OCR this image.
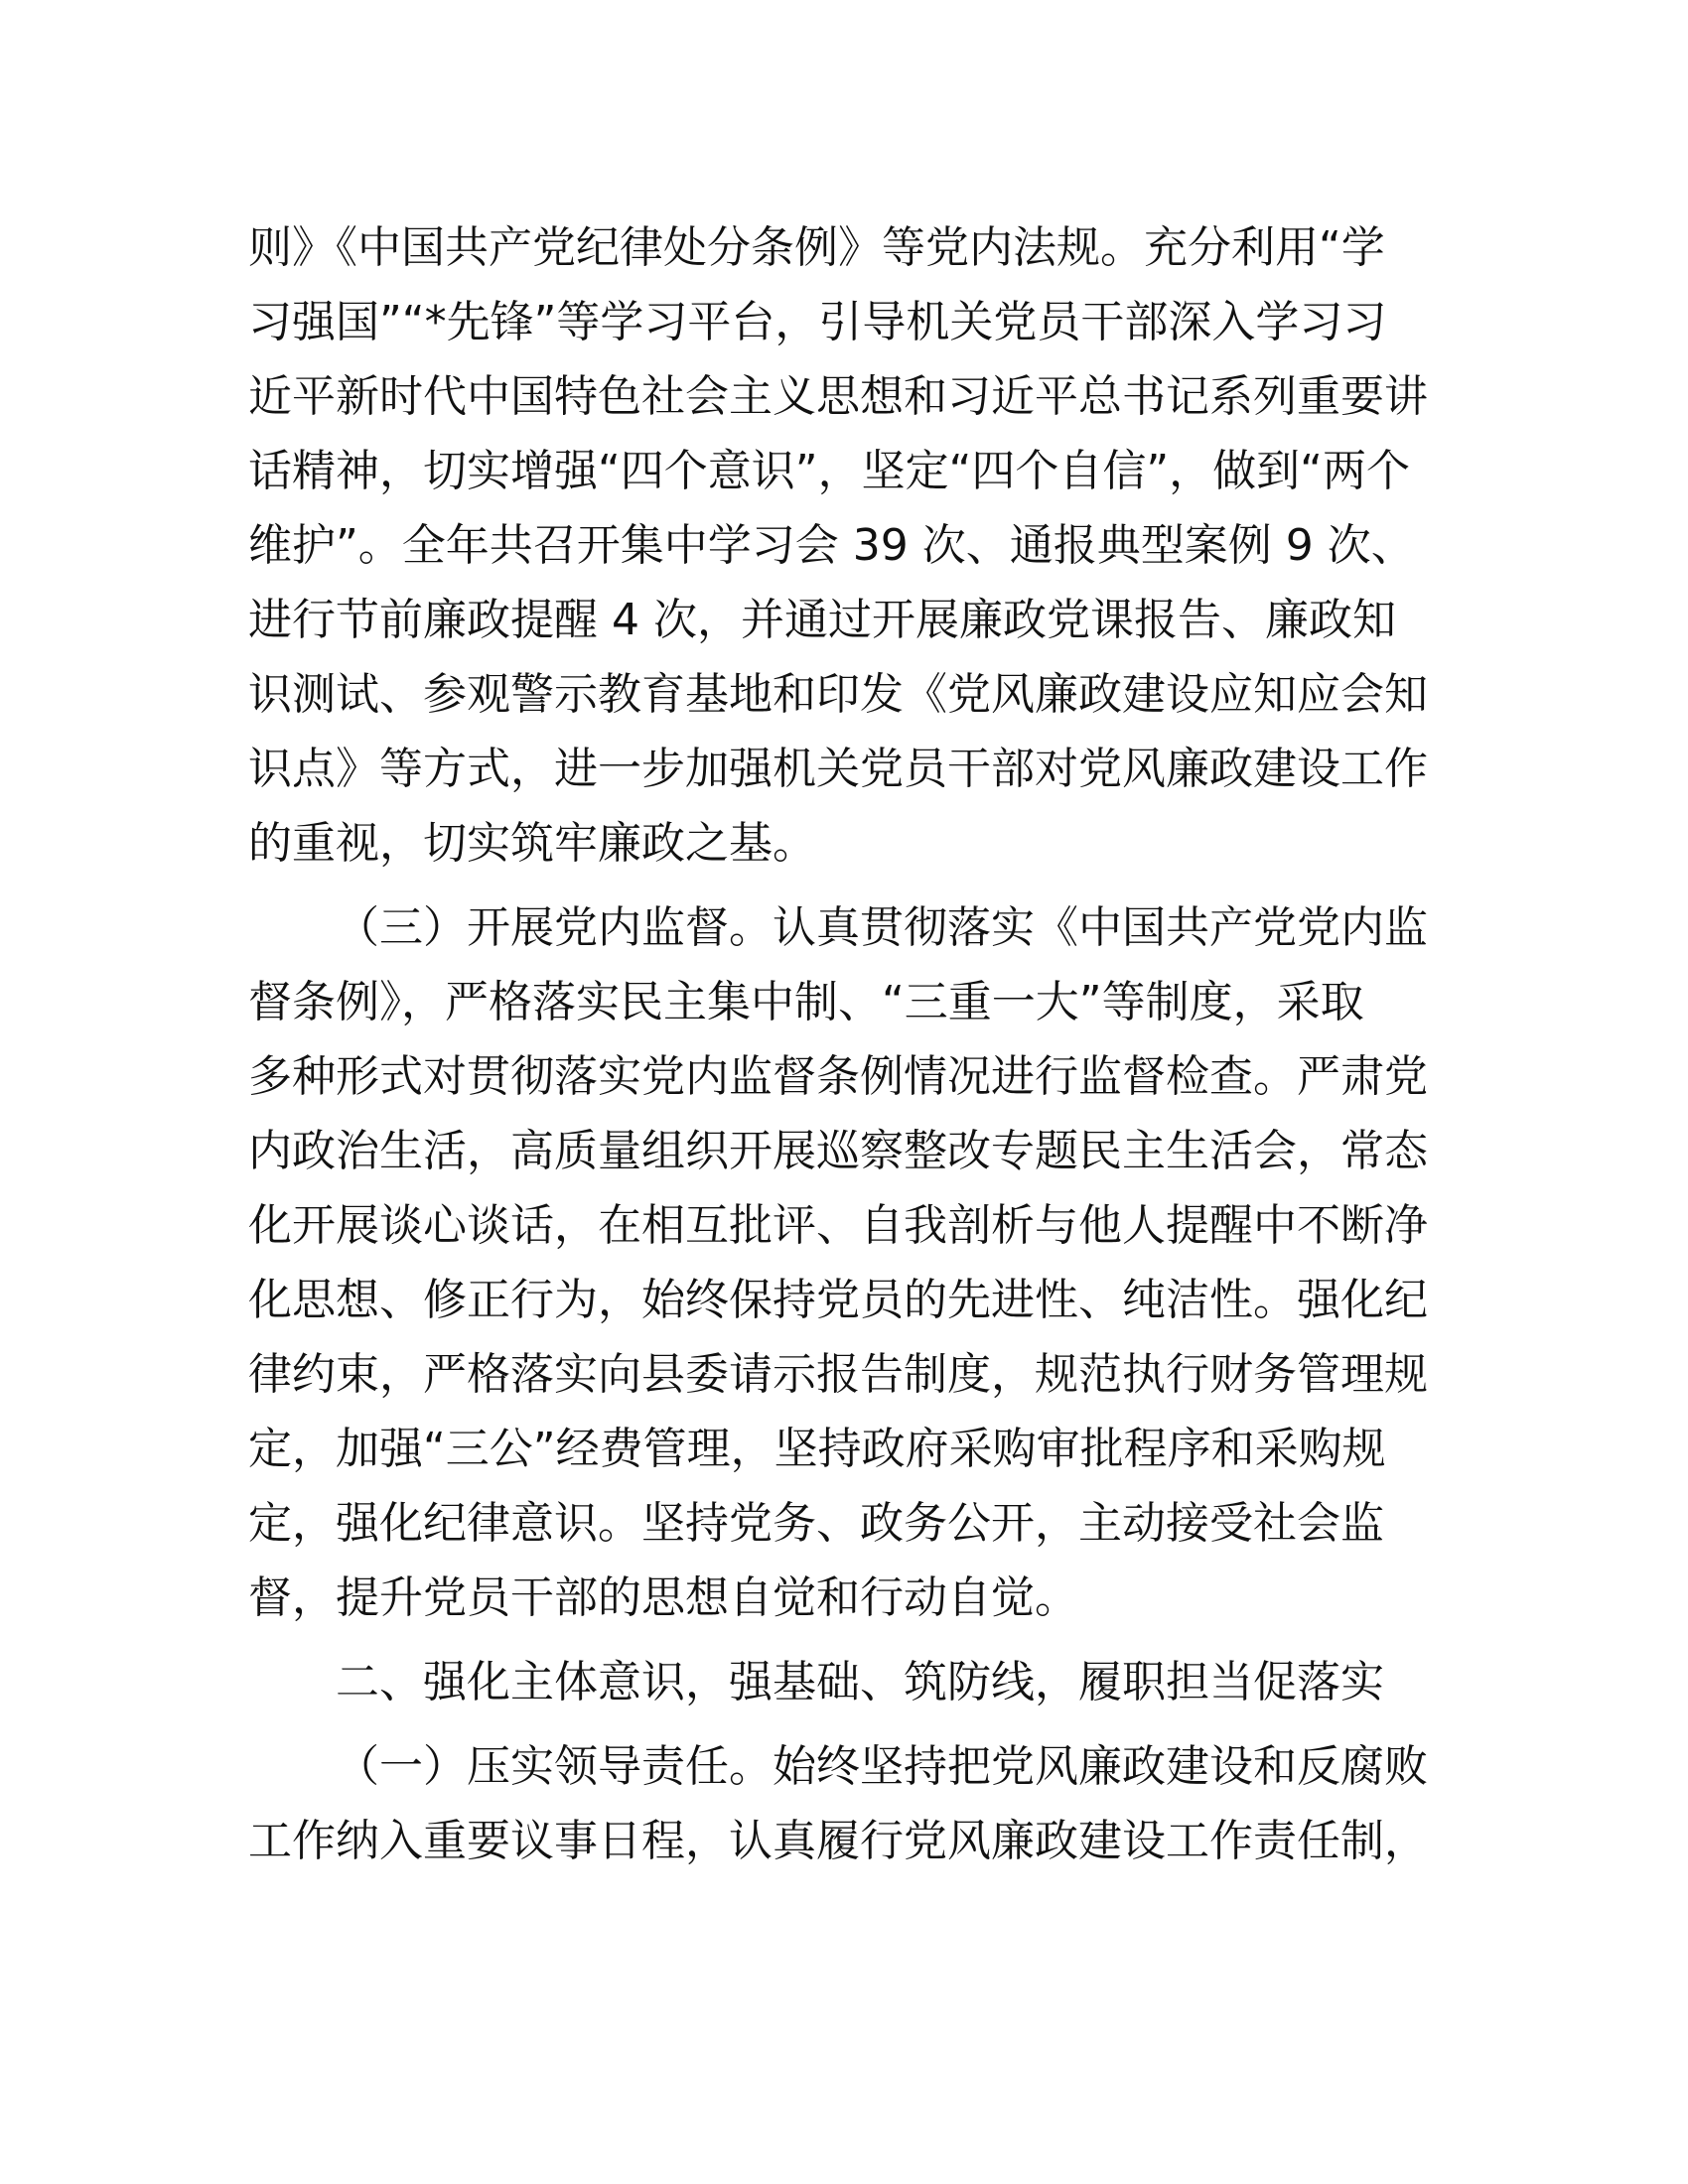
则》《中国共产党纪律处分条例》等党内法规。充分利用“学
习强国”“*先锋”等学习平台，引导机关党员干部深入学习习
近平新时代中国特色社会主义思想和习近平总书记系列重要讲
话精神，切实增强“四个意识”，坚定“四个自信”，做到“两个
维护”。全年共召开集中学习会 39 次、通报典型案例 9 次、
进行节前廉政提醒 4 次，并通过开展廉政党课报告、廉政知
识测试、参观警示教育基地和印发《党风廉政建设应知应会知
识点》等方式，进一步加强机关党员干部对党风廉政建设工作
的重视，切实筑牢廉政之基。
（三）开展党内监督。认真贯彻落实《中国共产党党内监
督条例》，严格落实民主集中制、“三重一大”等制度，采取
多种形式对贯彻落实党内监督条例情况进行监督检查。严肃党
内政治生活，高质量组织开展巡察整改专题民主生活会，常态
化开展谈心谈话，在相互批评、自我剖析与他人提醒中不断净
化思想、修正行为，始终保持党员的先进性、纯洁性。强化纪
律约束，严格落实向县委请示报告制度，规范执行财务管理规
定，加强“三公”经费管理，坚持政府采购审批程序和采购规
定，强化纪律意识。坚持党务、政务公开，主动接受社会监
督，提升党员干部的思想自觉和行动自觉。
二、强化主体意识，强基础、筑防线，履职担当促落实
（一）压实领导责任。始终坚持把党风廉政建设和反腐败
工作纳入重要议事日程，认真履行党风廉政建设工作责任制，
